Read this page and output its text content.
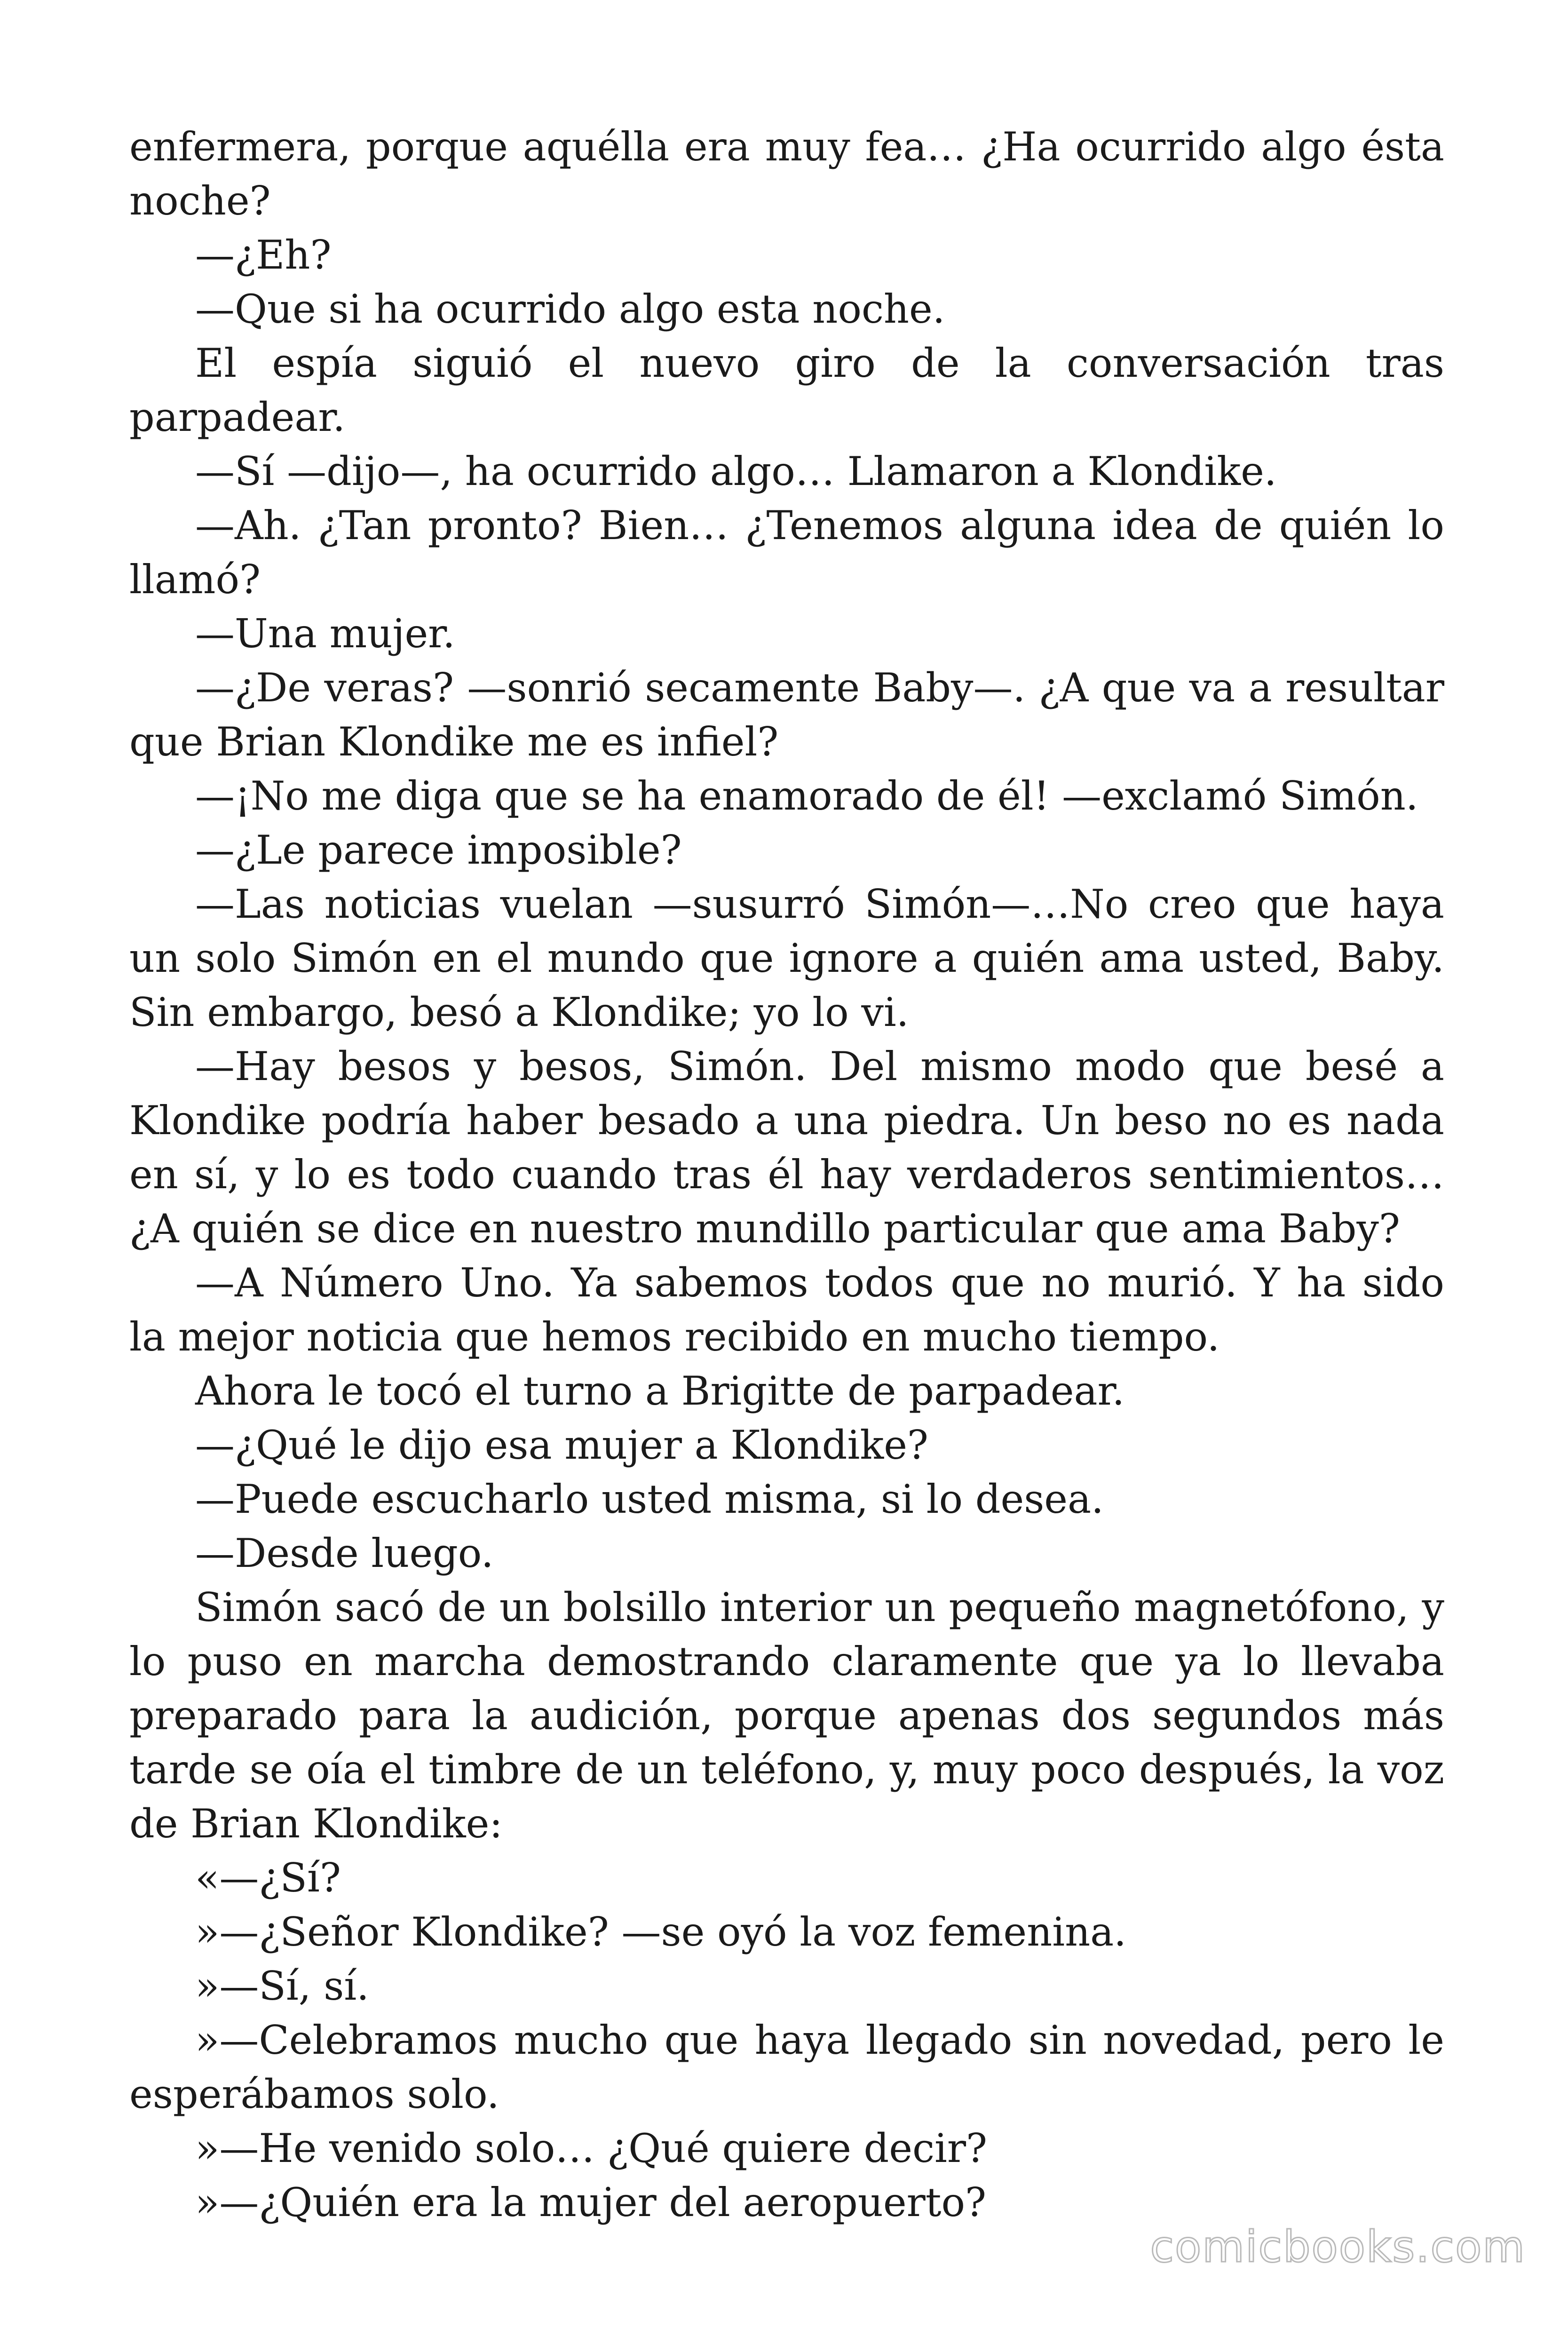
enfermera, porque aquélla era muy fea… ¿Ha ocurrido algo ésta noche?

—¿Eh?

—Que si ha ocurrido algo esta noche.

El espía siguió el nuevo giro de la conversación tras parpadear.

—Sí —dijo—, ha ocurrido algo… Llamaron a Klondike.

—Ah. ¿Tan pronto? Bien… ¿Tenemos alguna idea de quién lo llamó?

—Una mujer.

—¿De veras? —sonrió secamente Baby—. ¿A que va a resultar que Brian Klondike me es infiel?

—¡No me diga que se ha enamorado de él! —exclamó Simón.

—¿Le parece imposible?

—Las noticias vuelan —susurró Simón—…No creo que haya un solo Simón en el mundo que ignore a quién ama usted, Baby. Sin embargo, besó a Klondike; yo lo vi.

—Hay besos y besos, Simón. Del mismo modo que besé a Klondike podría haber besado a una piedra. Un beso no es nada en sí, y lo es todo cuando tras él hay verdaderos sentimientos… ¿A quién se dice en nuestro mundillo particular que ama Baby?

—A Número Uno. Ya sabemos todos que no murió. Y ha sido la mejor noticia que hemos recibido en mucho tiempo.

Ahora le tocó el turno a Brigitte de parpadear.

—¿Qué le dijo esa mujer a Klondike?

—Puede escucharlo usted misma, si lo desea.

—Desde luego.

Simón sacó de un bolsillo interior un pequeño magnetófono, y lo puso en marcha demostrando claramente que ya lo llevaba preparado para la audición, porque apenas dos segundos más tarde se oía el timbre de un teléfono, y, muy poco después, la voz de Brian Klondike:

«—¿Sí?

»—¿Señor Klondike? —se oyó la voz femenina.

»—Sí, sí.

»—Celebramos mucho que haya llegado sin novedad, pero le esperábamos solo.

»—He venido solo… ¿Qué quiere decir?

»—¿Quién era la mujer del aeropuerto?

comicbooks.com
